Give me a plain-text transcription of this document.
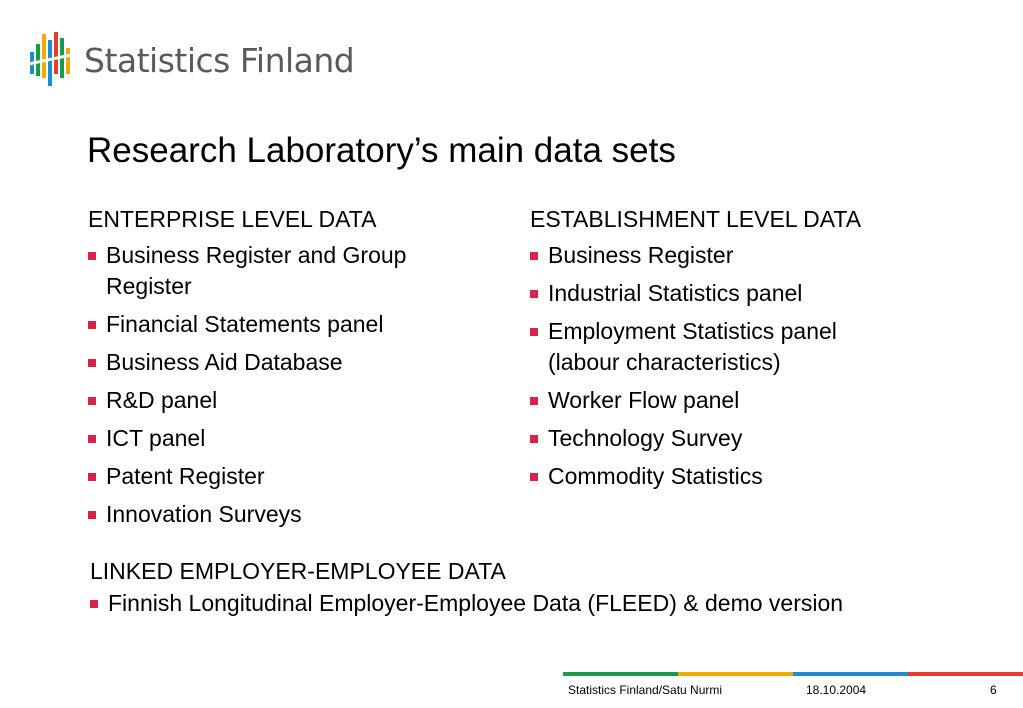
Statistics Finland
Research Laboratory’s main data sets
ENTERPRISE LEVEL DATA
Business Register and Group Register
Financial Statements panel
Business Aid Database
R&D panel
ICT panel
Patent Register
Innovation Surveys
ESTABLISHMENT LEVEL DATA
Business Register
Industrial Statistics panel
Employment Statistics panel (labour characteristics)
Worker Flow panel
Technology Survey
Commodity Statistics
LINKED EMPLOYER-EMPLOYEE DATA
Finnish Longitudinal Employer-Employee Data (FLEED) & demo version
Statistics Finland/Satu Nurmi	18.10.2004	6
